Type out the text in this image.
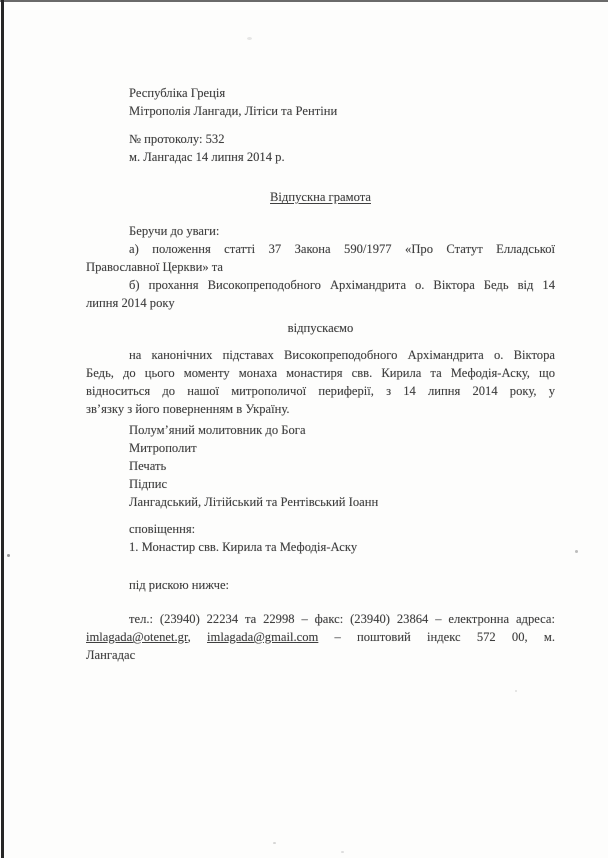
Республіка Греція
Мітрополія Лангади, Літіси та Рентіни
№ протоколу: 532
м. Лангадас 14 липня 2014 р.
Відпускна грамота
Беручи до уваги:
а) положення статті 37 Закона 590/1977 «Про Статут Елладської
Православної Церкви» та
б) прохання Високопреподобного Архімандрита о. Віктора Бедь від 14
липня 2014 року
відпускаємо
на канонічних підставах Високопреподобного Архімандрита о. Віктора
Бедь, до цього моменту монаха монастиря свв. Кирила та Мефодія-Аску, що
відноситься до нашої митрополичої периферії, з 14 липня 2014 року, у
зв’язку з його поверненням в Україну.
Полум’яний молитовник до Бога
Митрополит
Печать
Підпис
Лангадський, Літійський та Рентівський Іоанн
сповіщення:
1. Монастир свв. Кирила та Мефодія-Аску
під рискою нижче:
тел.: (23940) 22234 та 22998 – факс: (23940) 23864 – електронна адреса:
imlagada@otenet.gr, imlagada@gmail.com – поштовий індекс 572 00, м.
Лангадас
